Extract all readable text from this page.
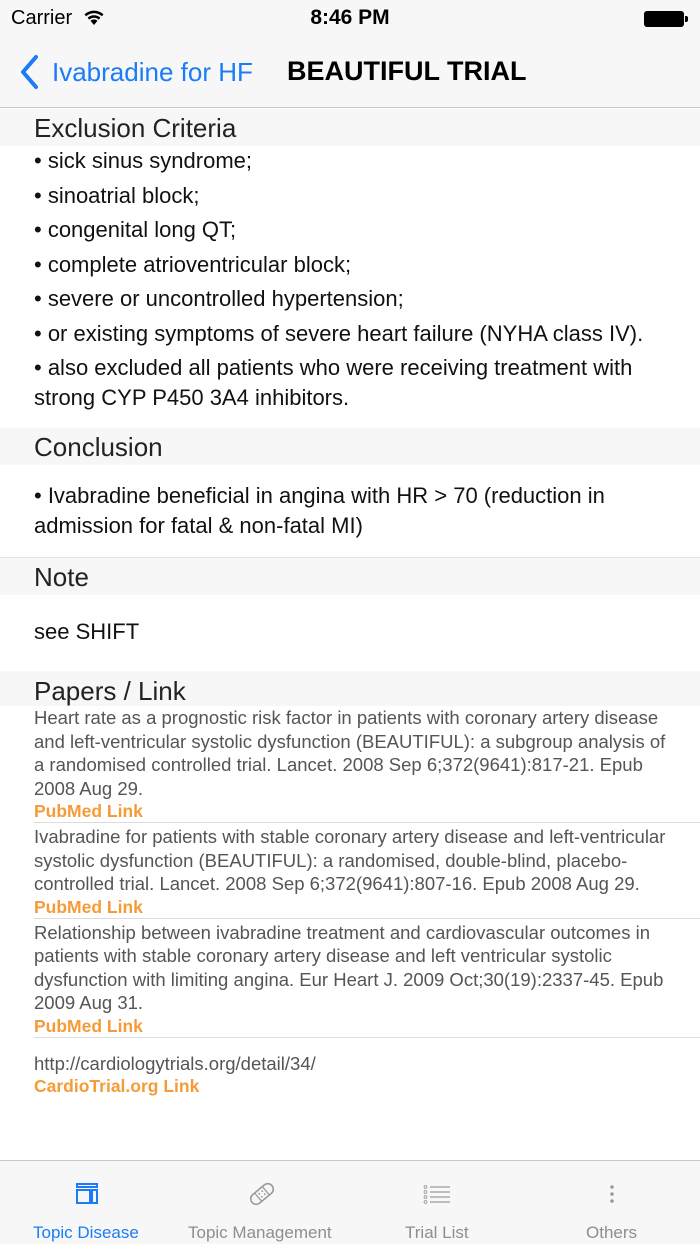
Carrier	8:46 PM
Ivabradine for HF BEAUTIFUL TRIAL
Exclusion Criteria
• sick sinus syndrome;
• sinoatrial block;
• congenital long QT;
• complete atrioventricular block;
• severe or uncontrolled hypertension;
• or existing symptoms of severe heart failure (NYHA class IV).
• also excluded all patients who were receiving treatment with strong CYP P450 3A4 inhibitors.
Conclusion
• Ivabradine beneficial in angina with HR > 70 (reduction in admission for fatal & non-fatal MI)
Note
see SHIFT
Papers / Link
Heart rate as a prognostic risk factor in patients with coronary artery disease and left-ventricular systolic dysfunction (BEAUTIFUL): a subgroup analysis of a randomised controlled trial. Lancet. 2008 Sep 6;372(9641):817-21. Epub 2008 Aug 29.
PubMed Link
Ivabradine for patients with stable coronary artery disease and left-ventricular systolic dysfunction (BEAUTIFUL): a randomised, double-blind, placebo-controlled trial. Lancet. 2008 Sep 6;372(9641):807-16. Epub 2008 Aug 29.
PubMed Link
Relationship between ivabradine treatment and cardiovascular outcomes in patients with stable coronary artery disease and left ventricular systolic dysfunction with limiting angina. Eur Heart J. 2009 Oct;30(19):2337-45. Epub 2009 Aug 31.
PubMed Link
http://cardiologytrials.org/detail/34/
CardioTrial.org Link
Topic Disease	Topic Management	Trial List	Others
